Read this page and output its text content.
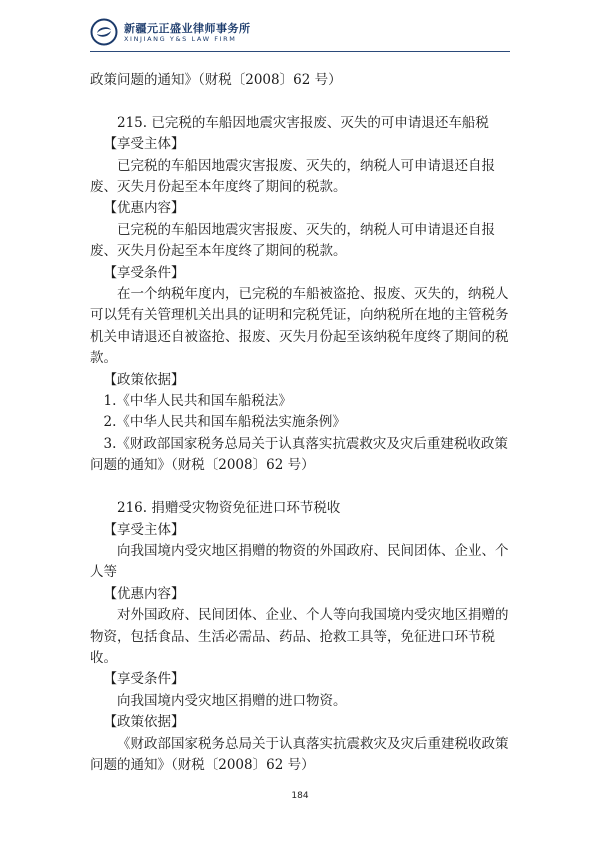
新疆元正盛业律师事务所
XINJIANG Y&S LAW FIRM

政策问题的通知》（财税〔2008〕62 号）

215. 已完税的车船因地震灾害报废、灭失的可申请退还车船税

【享受主体】

已完税的车船因地震灾害报废、灭失的，纳税人可申请退还自报废、灭失月份起至本年度终了期间的税款。

【优惠内容】

已完税的车船因地震灾害报废、灭失的，纳税人可申请退还自报废、灭失月份起至本年度终了期间的税款。

【享受条件】

在一个纳税年度内，已完税的车船被盗抢、报废、灭失的，纳税人可以凭有关管理机关出具的证明和完税凭证，向纳税所在地的主管税务机关申请退还自被盗抢、报废、灭失月份起至该纳税年度终了期间的税款。

【政策依据】

1.《中华人民共和国车船税法》

2.《中华人民共和国车船税法实施条例》

3.《财政部国家税务总局关于认真落实抗震救灾及灾后重建税收政策问题的通知》（财税〔2008〕62 号）

216. 捐赠受灾物资免征进口环节税收

【享受主体】

向我国境内受灾地区捐赠的物资的外国政府、民间团体、企业、个人等

【优惠内容】

对外国政府、民间团体、企业、个人等向我国境内受灾地区捐赠的物资，包括食品、生活必需品、药品、抢救工具等，免征进口环节税收。

【享受条件】

向我国境内受灾地区捐赠的进口物资。

【政策依据】

《财政部国家税务总局关于认真落实抗震救灾及灾后重建税收政策问题的通知》（财税〔2008〕62 号）

184
